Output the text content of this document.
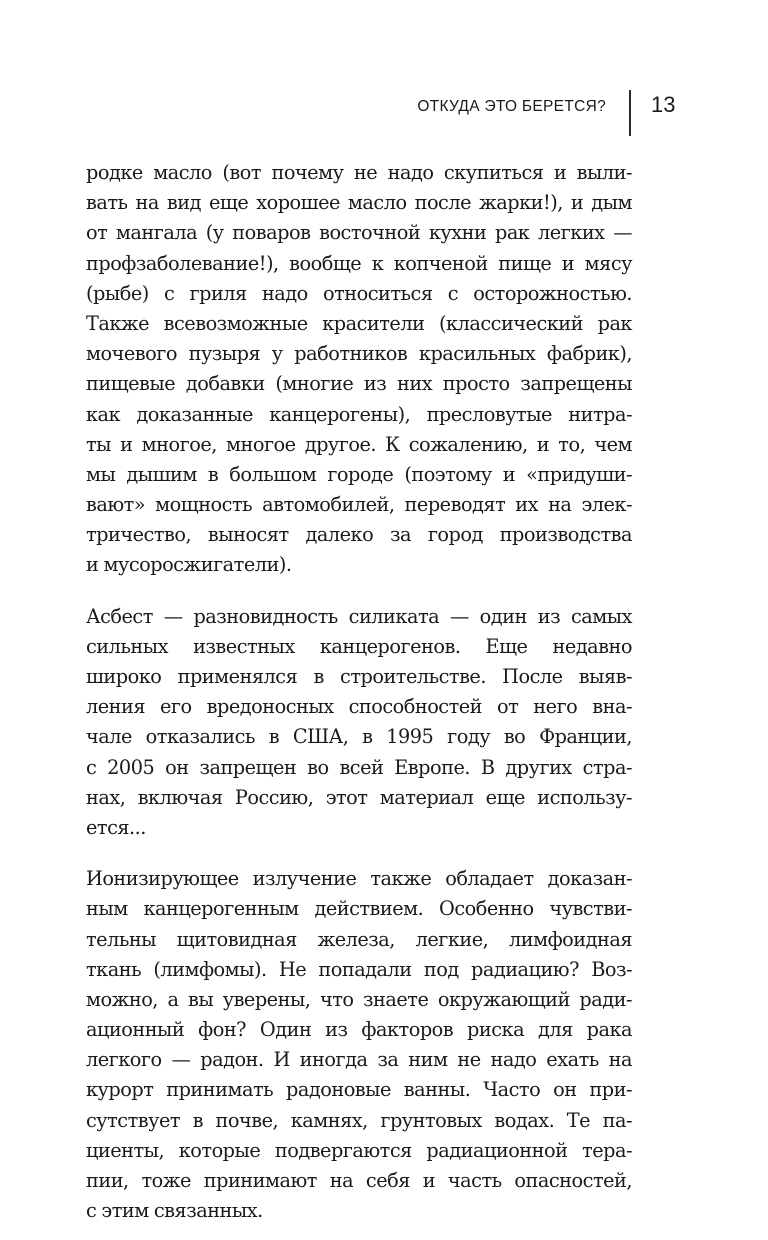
ОТКУДА ЭТО БЕРЕТСЯ? 13
родке масло (вот почему не надо скупиться и выли-
вать на вид еще хорошее масло после жарки!), и дым
от мангала (у поваров восточной кухни рак легких —
профзаболевание!), вообще к копченой пище и мясу
(рыбе) с гриля надо относиться с осторожностью.
Также всевозможные красители (классический рак
мочевого пузыря у работников красильных фабрик),
пищевые добавки (многие из них просто запрещены
как доказанные канцерогены), пресловутые нитра-
ты и многое, многое другое. К сожалению, и то, чем
мы дышим в большом городе (поэтому и «придуши-
вают» мощность автомобилей, переводят их на элек-
тричество, выносят далеко за город производства
и мусоросжигатели).
Асбест — разновидность силиката — один из самых
сильных известных канцерогенов. Еще недавно
широко применялся в строительстве. После выяв-
ления его вредоносных способностей от него вна-
чале отказались в США, в 1995 году во Франции,
с 2005 он запрещен во всей Европе. В других стра-
нах, включая Россию, этот материал еще использу-
ется...
Ионизирующее излучение также обладает доказан-
ным канцерогенным действием. Особенно чувстви-
тельны щитовидная железа, легкие, лимфоидная
ткань (лимфомы). Не попадали под радиацию? Воз-
можно, а вы уверены, что знаете окружающий ради-
ационный фон? Один из факторов риска для рака
легкого — радон. И иногда за ним не надо ехать на
курорт принимать радоновые ванны. Часто он при-
сутствует в почве, камнях, грунтовых водах. Те па-
циенты, которые подвергаются радиационной тера-
пии, тоже принимают на себя и часть опасностей,
с этим связанных.
